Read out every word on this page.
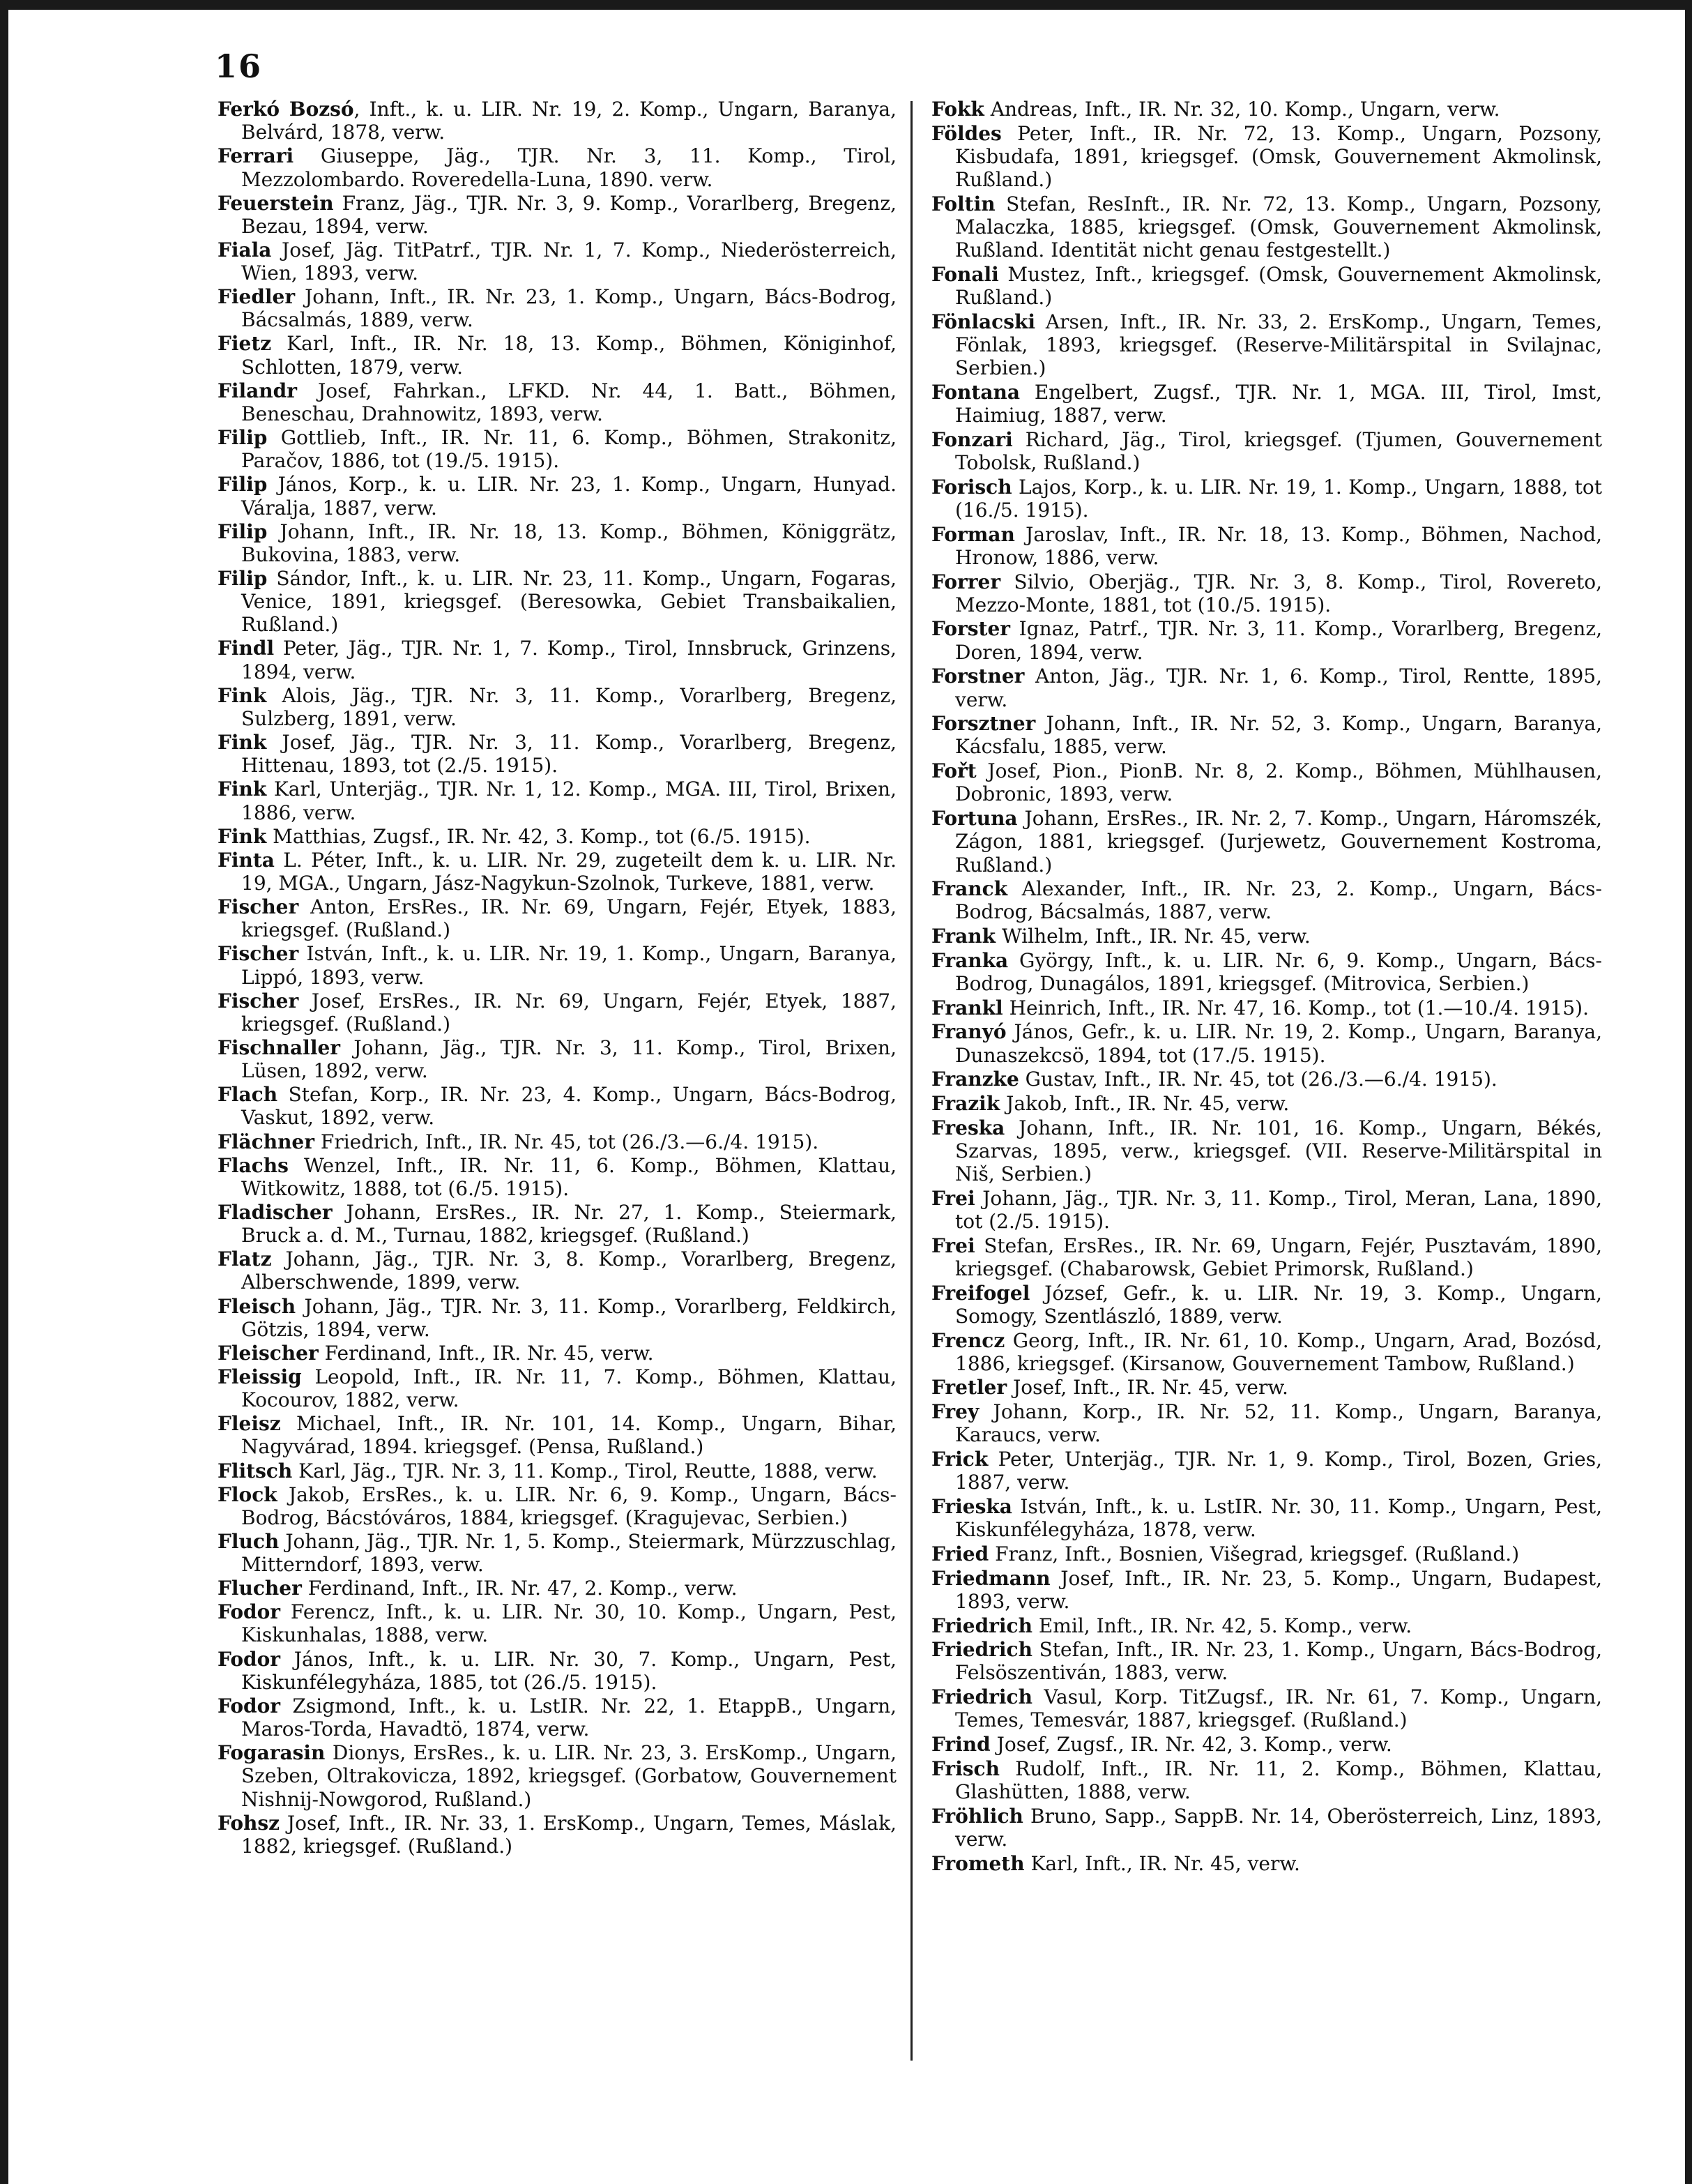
16
Ferkó Bozsó, Inft., k. u. LIR. Nr. 19, 2. Komp., Ungarn, Baranya, Belvárd, 1878, verw.
Ferrari Giuseppe, Jäg., TJR. Nr. 3, 11. Komp., Tirol, Mezzolombardo. Roveredella-Luna, 1890. verw.
Feuerstein Franz, Jäg., TJR. Nr. 3, 9. Komp., Vorarlberg, Bregenz, Bezau, 1894, verw.
Fiala Josef, Jäg. TitPatrf., TJR. Nr. 1, 7. Komp., Niederösterreich, Wien, 1893, verw.
Fiedler Johann, Inft., IR. Nr. 23, 1. Komp., Ungarn, Bács-Bodrog, Bácsalmás, 1889, verw.
Fietz Karl, Inft., IR. Nr. 18, 13. Komp., Böhmen, Königinhof, Schlotten, 1879, verw.
Filandr Josef, Fahrkan., LFKD. Nr. 44, 1. Batt., Böhmen, Beneschau, Drahnowitz, 1893, verw.
Filip Gottlieb, Inft., IR. Nr. 11, 6. Komp., Böhmen, Strakonitz, Paračov, 1886, tot (19./5. 1915).
Filip János, Korp., k. u. LIR. Nr. 23, 1. Komp., Ungarn, Hunyad. Váralja, 1887, verw.
Filip Johann, Inft., IR. Nr. 18, 13. Komp., Böhmen, Königgrätz, Bukovina, 1883, verw.
Filip Sándor, Inft., k. u. LIR. Nr. 23, 11. Komp., Ungarn, Fogaras, Venice, 1891, kriegsgef. (Beresowka, Gebiet Transbaikalien, Rußland.)
Findl Peter, Jäg., TJR. Nr. 1, 7. Komp., Tirol, Innsbruck, Grinzens, 1894, verw.
Fink Alois, Jäg., TJR. Nr. 3, 11. Komp., Vorarlberg, Bregenz, Sulzberg, 1891, verw.
Fink Josef, Jäg., TJR. Nr. 3, 11. Komp., Vorarlberg, Bregenz, Hittenau, 1893, tot (2./5. 1915).
Fink Karl, Unterjäg., TJR. Nr. 1, 12. Komp., MGA. III, Tirol, Brixen, 1886, verw.
Fink Matthias, Zugsf., IR. Nr. 42, 3. Komp., tot (6./5. 1915).
Finta L. Péter, Inft., k. u. LIR. Nr. 29, zugeteilt dem k. u. LIR. Nr. 19, MGA., Ungarn, Jász-Nagykun-Szolnok, Turkeve, 1881, verw.
Fischer Anton, ErsRes., IR. Nr. 69, Ungarn, Fejér, Etyek, 1883, kriegsgef. (Rußland.)
Fischer István, Inft., k. u. LIR. Nr. 19, 1. Komp., Ungarn, Baranya, Lippó, 1893, verw.
Fischer Josef, ErsRes., IR. Nr. 69, Ungarn, Fejér, Etyek, 1887, kriegsgef. (Rußland.)
Fischnaller Johann, Jäg., TJR. Nr. 3, 11. Komp., Tirol, Brixen, Lüsen, 1892, verw.
Flach Stefan, Korp., IR. Nr. 23, 4. Komp., Ungarn, Bács-Bodrog, Vaskut, 1892, verw.
Flächner Friedrich, Inft., IR. Nr. 45, tot (26./3.—6./4. 1915).
Flachs Wenzel, Inft., IR. Nr. 11, 6. Komp., Böhmen, Klattau, Witkowitz, 1888, tot (6./5. 1915).
Fladischer Johann, ErsRes., IR. Nr. 27, 1. Komp., Steiermark, Bruck a. d. M., Turnau, 1882, kriegsgef. (Rußland.)
Flatz Johann, Jäg., TJR. Nr. 3, 8. Komp., Vorarlberg, Bregenz, Alberschwende, 1899, verw.
Fleisch Johann, Jäg., TJR. Nr. 3, 11. Komp., Vorarlberg, Feldkirch, Götzis, 1894, verw.
Fleischer Ferdinand, Inft., IR. Nr. 45, verw.
Fleissig Leopold, Inft., IR. Nr. 11, 7. Komp., Böhmen, Klattau, Kocourov, 1882, verw.
Fleisz Michael, Inft., IR. Nr. 101, 14. Komp., Ungarn, Bihar, Nagyvárad, 1894. kriegsgef. (Pensa, Rußland.)
Flitsch Karl, Jäg., TJR. Nr. 3, 11. Komp., Tirol, Reutte, 1888, verw.
Flock Jakob, ErsRes., k. u. LIR. Nr. 6, 9. Komp., Ungarn, Bács-Bodrog, Bácstóváros, 1884, kriegsgef. (Kragujevac, Serbien.)
Fluch Johann, Jäg., TJR. Nr. 1, 5. Komp., Steiermark, Mürzzuschlag, Mitterndorf, 1893, verw.
Flucher Ferdinand, Inft., IR. Nr. 47, 2. Komp., verw.
Fodor Ferencz, Inft., k. u. LIR. Nr. 30, 10. Komp., Ungarn, Pest, Kiskunhalas, 1888, verw.
Fodor János, Inft., k. u. LIR. Nr. 30, 7. Komp., Ungarn, Pest, Kiskunfélegyháza, 1885, tot (26./5. 1915).
Fodor Zsigmond, Inft., k. u. LstIR. Nr. 22, 1. EtappB., Ungarn, Maros-Torda, Havadtö, 1874, verw.
Fogarasin Dionys, ErsRes., k. u. LIR. Nr. 23, 3. ErsKomp., Ungarn, Szeben, Oltrakovicza, 1892, kriegsgef. (Gorbatow, Gouvernement Nishnij-Nowgorod, Rußland.)
Fohsz Josef, Inft., IR. Nr. 33, 1. ErsKomp., Ungarn, Temes, Máslak, 1882, kriegsgef. (Rußland.)
Fokk Andreas, Inft., IR. Nr. 32, 10. Komp., Ungarn, verw.
Földes Peter, Inft., IR. Nr. 72, 13. Komp., Ungarn, Pozsony, Kisbudafa, 1891, kriegsgef. (Omsk, Gouvernement Akmolinsk, Rußland.)
Foltin Stefan, ResInft., IR. Nr. 72, 13. Komp., Ungarn, Pozsony, Malaczka, 1885, kriegsgef. (Omsk, Gouvernement Akmolinsk, Rußland. Identität nicht genau festgestellt.)
Fonali Mustez, Inft., kriegsgef. (Omsk, Gouvernement Akmolinsk, Rußland.)
Fönlacski Arsen, Inft., IR. Nr. 33, 2. ErsKomp., Ungarn, Temes, Fönlak, 1893, kriegsgef. (Reserve-Militärspital in Svilajnac, Serbien.)
Fontana Engelbert, Zugsf., TJR. Nr. 1, MGA. III, Tirol, Imst, Haimiug, 1887, verw.
Fonzari Richard, Jäg., Tirol, kriegsgef. (Tjumen, Gouvernement Tobolsk, Rußland.)
Forisch Lajos, Korp., k. u. LIR. Nr. 19, 1. Komp., Ungarn, 1888, tot (16./5. 1915).
Forman Jaroslav, Inft., IR. Nr. 18, 13. Komp., Böhmen, Nachod, Hronow, 1886, verw.
Forrer Silvio, Oberjäg., TJR. Nr. 3, 8. Komp., Tirol, Rovereto, Mezzo-Monte, 1881, tot (10./5. 1915).
Forster Ignaz, Patrf., TJR. Nr. 3, 11. Komp., Vorarlberg, Bregenz, Doren, 1894, verw.
Forstner Anton, Jäg., TJR. Nr. 1, 6. Komp., Tirol, Rentte, 1895, verw.
Forsztner Johann, Inft., IR. Nr. 52, 3. Komp., Ungarn, Baranya, Kácsfalu, 1885, verw.
Fořt Josef, Pion., PionB. Nr. 8, 2. Komp., Böhmen, Mühlhausen, Dobronic, 1893, verw.
Fortuna Johann, ErsRes., IR. Nr. 2, 7. Komp., Ungarn, Háromszék, Zágon, 1881, kriegsgef. (Jurjewetz, Gouvernement Kostroma, Rußland.)
Franck Alexander, Inft., IR. Nr. 23, 2. Komp., Ungarn, Bács-Bodrog, Bácsalmás, 1887, verw.
Frank Wilhelm, Inft., IR. Nr. 45, verw.
Franka György, Inft., k. u. LIR. Nr. 6, 9. Komp., Ungarn, Bács-Bodrog, Dunagálos, 1891, kriegsgef. (Mitrovica, Serbien.)
Frankl Heinrich, Inft., IR. Nr. 47, 16. Komp., tot (1.—10./4. 1915).
Franyó János, Gefr., k. u. LIR. Nr. 19, 2. Komp., Ungarn, Baranya, Dunaszekcsö, 1894, tot (17./5. 1915).
Franzke Gustav, Inft., IR. Nr. 45, tot (26./3.—6./4. 1915).
Frazik Jakob, Inft., IR. Nr. 45, verw.
Freska Johann, Inft., IR. Nr. 101, 16. Komp., Ungarn, Békés, Szarvas, 1895, verw., kriegsgef. (VII. Reserve-Militärspital in Niš, Serbien.)
Frei Johann, Jäg., TJR. Nr. 3, 11. Komp., Tirol, Meran, Lana, 1890, tot (2./5. 1915).
Frei Stefan, ErsRes., IR. Nr. 69, Ungarn, Fejér, Pusztavám, 1890, kriegsgef. (Chabarowsk, Gebiet Primorsk, Rußland.)
Freifogel József, Gefr., k. u. LIR. Nr. 19, 3. Komp., Ungarn, Somogy, Szentlászló, 1889, verw.
Frencz Georg, Inft., IR. Nr. 61, 10. Komp., Ungarn, Arad, Bozósd, 1886, kriegsgef. (Kirsanow, Gouvernement Tambow, Rußland.)
Fretler Josef, Inft., IR. Nr. 45, verw.
Frey Johann, Korp., IR. Nr. 52, 11. Komp., Ungarn, Baranya, Karaucs, verw.
Frick Peter, Unterjäg., TJR. Nr. 1, 9. Komp., Tirol, Bozen, Gries, 1887, verw.
Frieska István, Inft., k. u. LstIR. Nr. 30, 11. Komp., Ungarn, Pest, Kiskunfélegyháza, 1878, verw.
Fried Franz, Inft., Bosnien, Višegrad, kriegsgef. (Rußland.)
Friedmann Josef, Inft., IR. Nr. 23, 5. Komp., Ungarn, Budapest, 1893, verw.
Friedrich Emil, Inft., IR. Nr. 42, 5. Komp., verw.
Friedrich Stefan, Inft., IR. Nr. 23, 1. Komp., Ungarn, Bács-Bodrog, Felsöszentiván, 1883, verw.
Friedrich Vasul, Korp. TitZugsf., IR. Nr. 61, 7. Komp., Ungarn, Temes, Temesvár, 1887, kriegsgef. (Rußland.)
Frind Josef, Zugsf., IR. Nr. 42, 3. Komp., verw.
Frisch Rudolf, Inft., IR. Nr. 11, 2. Komp., Böhmen, Klattau, Glashütten, 1888, verw.
Fröhlich Bruno, Sapp., SappB. Nr. 14, Oberösterreich, Linz, 1893, verw.
Frometh Karl, Inft., IR. Nr. 45, verw.
